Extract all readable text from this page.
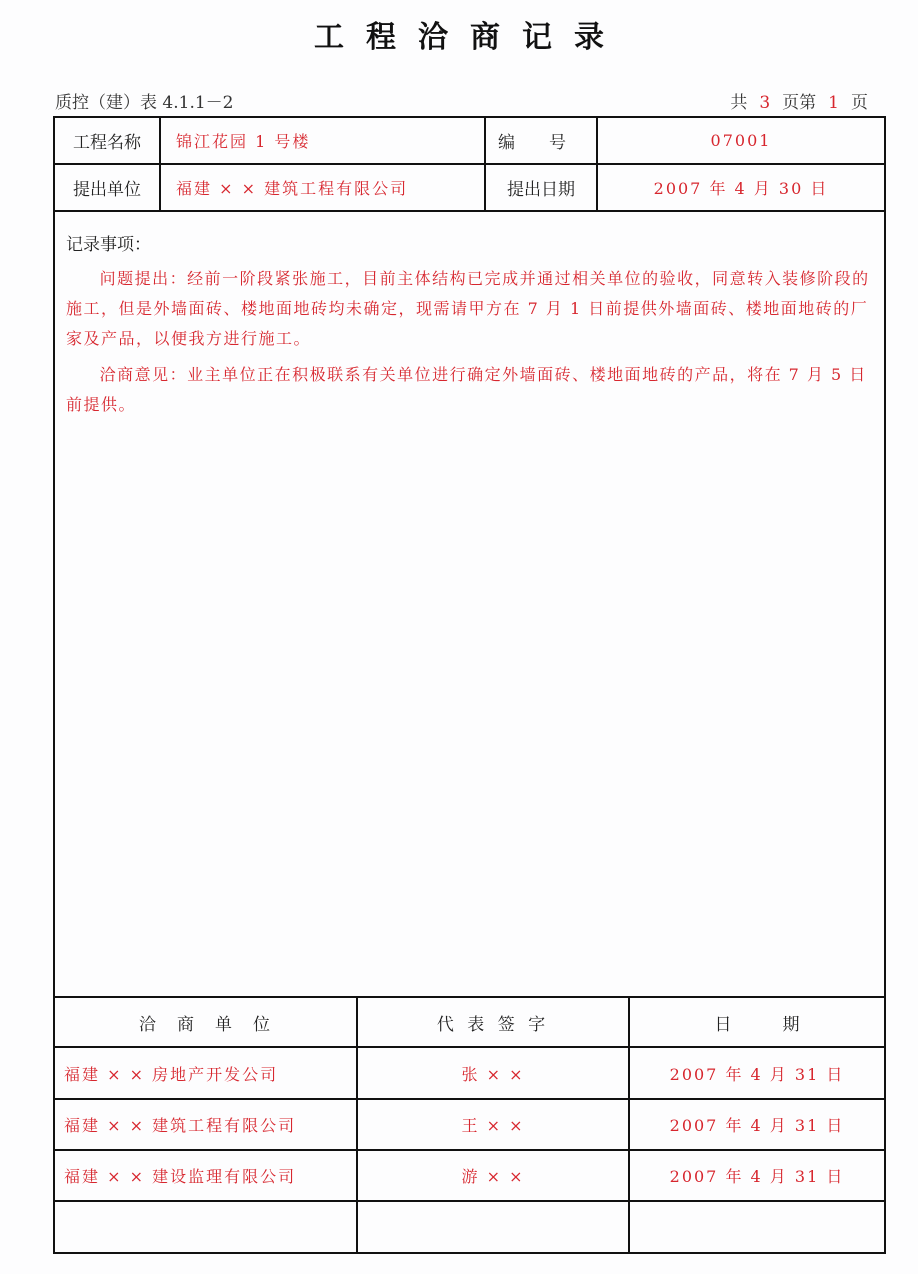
工程洽商记录
质控（建）表 4.1.1－2	共 3 页第 1 页
工程名称	锦江花园 1 号楼	编　　号	07001
提出单位	福建 × × 建筑工程有限公司	提出日期	2007 年 4 月 30 日
记录事项：

问题提出：经前一阶段紧张施工，目前主体结构已完成并通过相关单位的验收，同意转入装修阶段的施工，但是外墙面砖、楼地面地砖均未确定，现需请甲方在 7 月 1 日前提供外墙面砖、楼地面地砖的厂家及产品，以便我方进行施工。

洽商意见：业主单位正在积极联系有关单位进行确定外墙面砖、楼地面地砖的产品，将在 7 月 5 日前提供。

洽　商　单　位	代 表 签 字	日　　　期
福建 × × 房地产开发公司	张 × ×	2007 年 4 月 31 日
福建 × × 建筑工程有限公司	王 × ×	2007 年 4 月 31 日
福建 × × 建设监理有限公司	游 × ×	2007 年 4 月 31 日
